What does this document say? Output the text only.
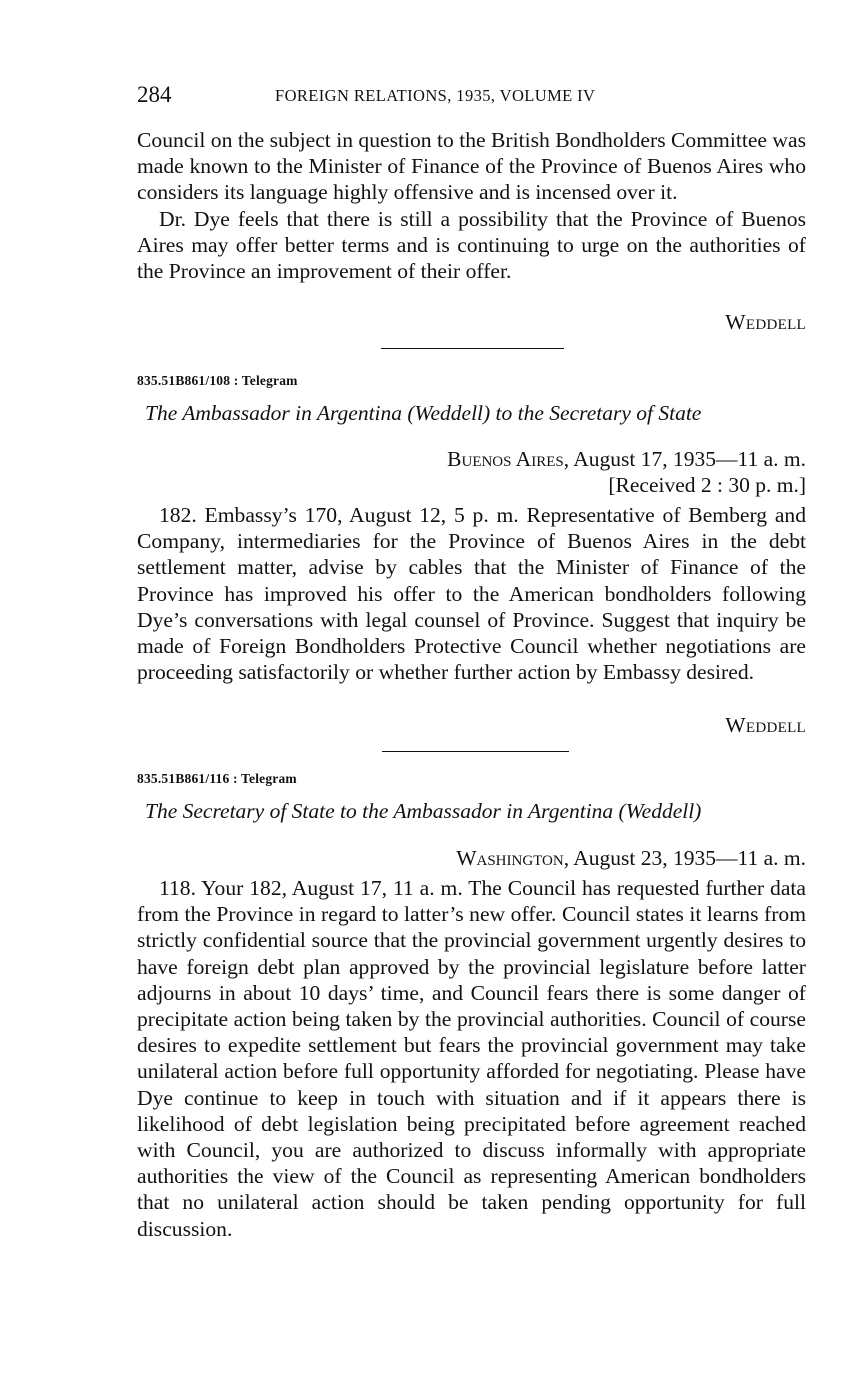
284	FOREIGN RELATIONS, 1935, VOLUME IV

Council on the subject in question to the British Bondholders Committee was made known to the Minister of Finance of the Province of Buenos Aires who considers its language highly offensive and is incensed over it.

Dr. Dye feels that there is still a possibility that the Province of Buenos Aires may offer better terms and is continuing to urge on the authorities of the Province an improvement of their offer.

Weddell
835.51B861/108 : Telegram
The Ambassador in Argentina (Weddell) to the Secretary of State
Buenos Aires, August 17, 1935—11 a. m.
[Received 2 : 30 p. m.]

182. Embassy’s 170, August 12, 5 p. m. Representative of Bemberg and Company, intermediaries for the Province of Buenos Aires in the debt settlement matter, advise by cables that the Minister of Finance of the Province has improved his offer to the American bondholders following Dye’s conversations with legal counsel of Province. Suggest that inquiry be made of Foreign Bondholders Protective Council whether negotiations are proceeding satisfactorily or whether further action by Embassy desired.

Weddell
835.51B861/116 : Telegram
The Secretary of State to the Ambassador in Argentina (Weddell)
Washington, August 23, 1935—11 a. m.

118. Your 182, August 17, 11 a. m. The Council has requested further data from the Province in regard to latter’s new offer. Council states it learns from strictly confidential source that the provincial government urgently desires to have foreign debt plan approved by the provincial legislature before latter adjourns in about 10 days’ time, and Council fears there is some danger of precipitate action being taken by the provincial authorities. Council of course desires to expedite settlement but fears the provincial government may take unilateral action before full opportunity afforded for negotiating. Please have Dye continue to keep in touch with situation and if it appears there is likelihood of debt legislation being precipitated before agreement reached with Council, you are authorized to discuss informally with appropriate authorities the view of the Council as representing American bondholders that no unilateral action should be taken pending opportunity for full discussion.
